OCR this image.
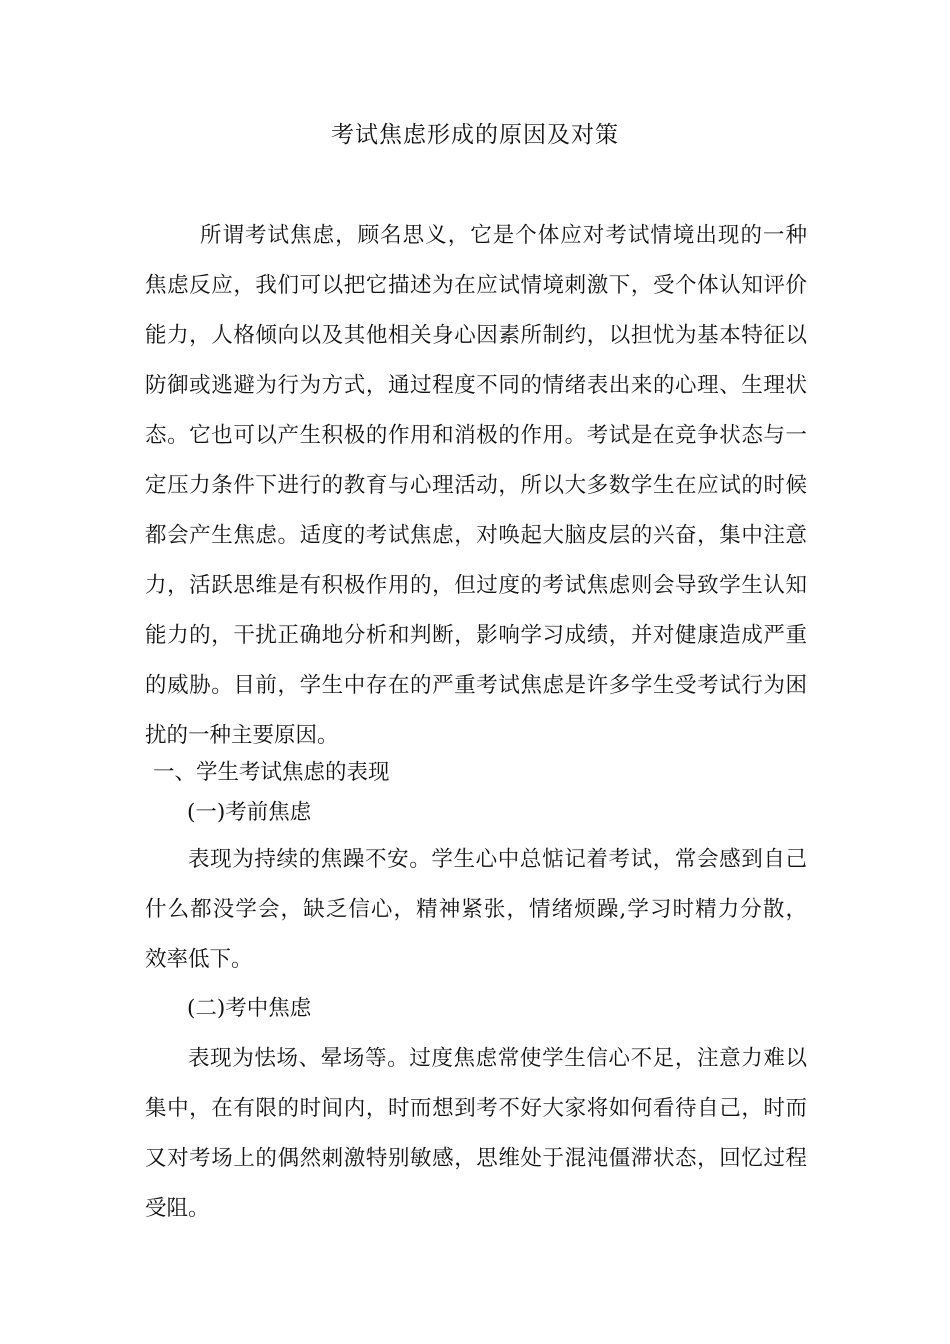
考试焦虑形成的原因及对策
所谓考试焦虑，顾名思义，它是个体应对考试情境出现的一种
焦虑反应，我们可以把它描述为在应试情境刺激下，受个体认知评价
能力，人格倾向以及其他相关身心因素所制约，以担忧为基本特征以
防御或逃避为行为方式，通过程度不同的情绪表出来的心理、生理状
态。它也可以产生积极的作用和消极的作用。考试是在竞争状态与一
定压力条件下进行的教育与心理活动，所以大多数学生在应试的时候
都会产生焦虑。适度的考试焦虑，对唤起大脑皮层的兴奋，集中注意
力，活跃思维是有积极作用的，但过度的考试焦虑则会导致学生认知
能力的，干扰正确地分析和判断，影响学习成绩，并对健康造成严重
的威胁。目前，学生中存在的严重考试焦虑是许多学生受考试行为困
扰的一种主要原因。
一、学生考试焦虑的表现
(一)考前焦虑
表现为持续的焦躁不安。学生心中总惦记着考试，常会感到自己
什么都没学会，缺乏信心，精神紧张，情绪烦躁,学习时精力分散，
效率低下。
(二)考中焦虑
表现为怯场、晕场等。过度焦虑常使学生信心不足，注意力难以
集中，在有限的时间内，时而想到考不好大家将如何看待自己，时而
又对考场上的偶然刺激特别敏感，思维处于混沌僵滞状态，回忆过程
受阻。
